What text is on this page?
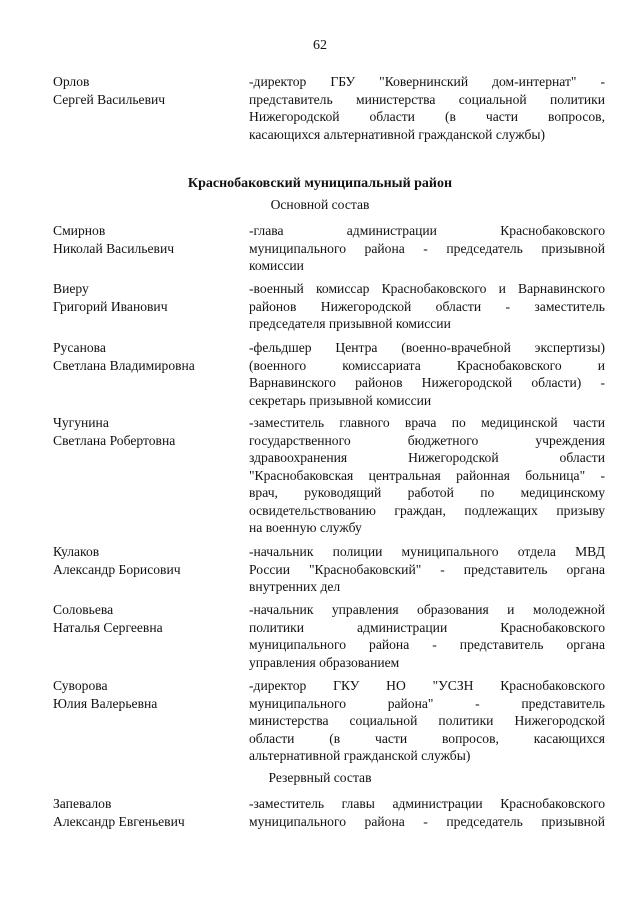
62
Орлов
Сергей Васильевич
-директор ГБУ "Ковернинский дом-интернат" -
представитель министерства социальной политики
Нижегородской области (в части вопросов,
касающихся альтернативной гражданской службы)
Краснобаковский муниципальный район
Основной состав
Смирнов
Николай Васильевич
-глава администрации Краснобаковского
муниципального района - председатель призывной
комиссии
Виеру
Григорий Иванович
-военный комиссар Краснобаковского и Варнавинского
районов Нижегородской области - заместитель
председателя призывной комиссии
Русанова
Светлана Владимировна
-фельдшер Центра (военно-врачебной экспертизы)
(военного комиссариата Краснобаковского и
Варнавинского районов Нижегородской области) -
секретарь призывной комиссии
Чугунина
Светлана Робертовна
-заместитель главного врача по медицинской части
государственного бюджетного учреждения
здравоохранения Нижегородской области
"Краснобаковская центральная районная больница" -
врач, руководящий работой по медицинскому
освидетельствованию граждан, подлежащих призыву
на военную службу
Кулаков
Александр Борисович
-начальник полиции муниципального отдела МВД
России "Краснобаковский" - представитель органа
внутренних дел
Соловьева
Наталья Сергеевна
-начальник управления образования и молодежной
политики администрации Краснобаковского
муниципального района - представитель органа
управления образованием
Суворова
Юлия Валерьевна
-директор ГКУ НО "УСЗН Краснобаковского
муниципального района" - представитель
министерства социальной политики Нижегородской
области (в части вопросов, касающихся
альтернативной гражданской службы)
Резервный состав
Запевалов
Александр Евгеньевич
-заместитель главы администрации Краснобаковского
муниципального района - председатель призывной
